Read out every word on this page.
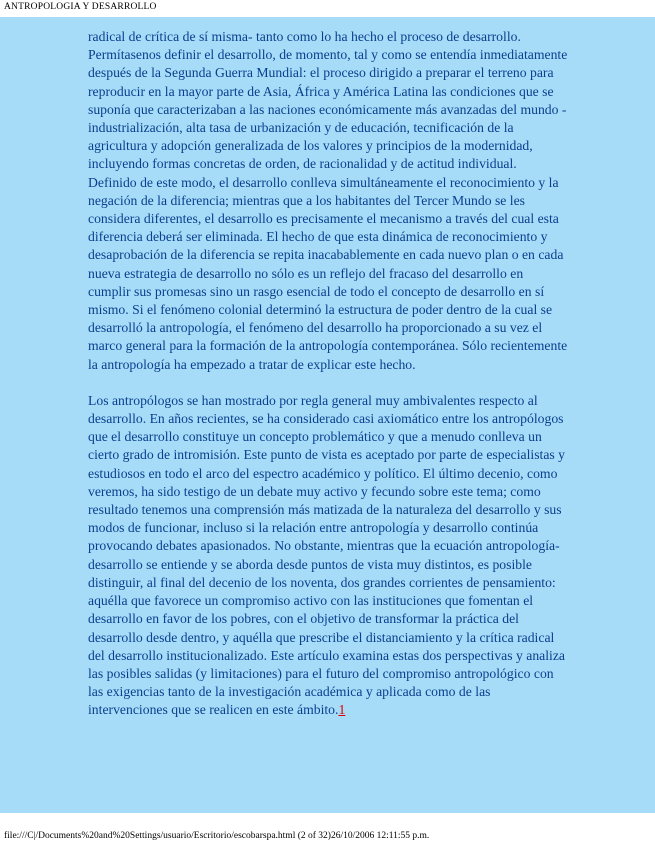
ANTROPOLOGIA Y DESARROLLO

radical de crítica de sí misma- tanto como lo ha hecho el proceso de desarrollo. Permítasenos definir el desarrollo, de momento, tal y como se entendía inmediatamente después de la Segunda Guerra Mundial: el proceso dirigido a preparar el terreno para reproducir en la mayor parte de Asia, África y América Latina las condiciones que se suponía que caracterizaban a las naciones económicamente más avanzadas del mundo - industrialización, alta tasa de urbanización y de educación, tecnificación de la agricultura y adopción generalizada de los valores y principios de la modernidad, incluyendo formas concretas de orden, de racionalidad y de actitud individual. Definido de este modo, el desarrollo conlleva simultáneamente el reconocimiento y la negación de la diferencia; mientras que a los habitantes del Tercer Mundo se les considera diferentes, el desarrollo es precisamente el mecanismo a través del cual esta diferencia deberá ser eliminada. El hecho de que esta dinámica de reconocimiento y desaprobación de la diferencia se repita inacabablemente en cada nuevo plan o en cada nueva estrategia de desarrollo no sólo es un reflejo del fracaso del desarrollo en cumplir sus promesas sino un rasgo esencial de todo el concepto de desarrollo en sí mismo. Si el fenómeno colonial determinó la estructura de poder dentro de la cual se desarrolló la antropología, el fenómeno del desarrollo ha proporcionado a su vez el marco general para la formación de la antropología contemporánea. Sólo recientemente la antropología ha empezado a tratar de explicar este hecho.

Los antropólogos se han mostrado por regla general muy ambivalentes respecto al desarrollo. En años recientes, se ha considerado casi axiomático entre los antropólogos que el desarrollo constituye un concepto problemático y que a menudo conlleva un cierto grado de intromisión. Este punto de vista es aceptado por parte de especialistas y estudiosos en todo el arco del espectro académico y político. El último decenio, como veremos, ha sido testigo de un debate muy activo y fecundo sobre este tema; como resultado tenemos una comprensión más matizada de la naturaleza del desarrollo y sus modos de funcionar, incluso si la relación entre antropología y desarrollo continúa provocando debates apasionados. No obstante, mientras que la ecuación antropología-desarrollo se entiende y se aborda desde puntos de vista muy distintos, es posible distinguir, al final del decenio de los noventa, dos grandes corrientes de pensamiento: aquélla que favorece un compromiso activo con las instituciones que fomentan el desarrollo en favor de los pobres, con el objetivo de transformar la práctica del desarrollo desde dentro, y aquélla que prescribe el distanciamiento y la crítica radical del desarrollo institucionalizado. Este artículo examina estas dos perspectivas y analiza las posibles salidas (y limitaciones) para el futuro del compromiso antropológico con las exigencias tanto de la investigación académica y aplicada como de las intervenciones que se realicen en este ámbito.1

file:///C|/Documents%20and%20Settings/usuario/Escritorio/escobarspa.html (2 of 32)26/10/2006 12:11:55 p.m.
